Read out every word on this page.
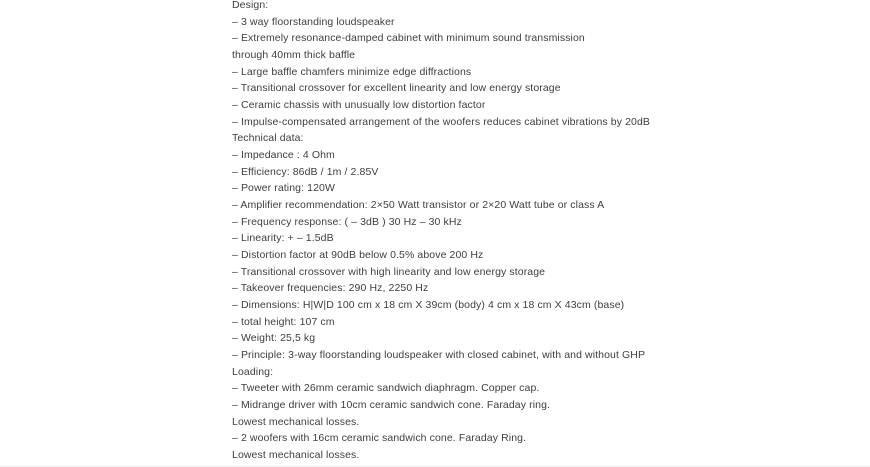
Design:
– 3 way floorstanding loudspeaker
– Extremely resonance-damped cabinet with minimum sound transmission
through 40mm thick baffle
– Large baffle chamfers minimize edge diffractions
– Transitional crossover for excellent linearity and low energy storage
– Ceramic chassis with unusually low distortion factor
– Impulse-compensated arrangement of the woofers reduces cabinet vibrations by 20dB
Technical data:
– Impedance : 4 Ohm
– Efficiency: 86dB / 1m / 2.85V
– Power rating: 120W
– Amplifier recommendation: 2×50 Watt transistor or 2×20 Watt tube or class A
– Frequency response: ( – 3dB ) 30 Hz – 30 kHz
– Linearity: + – 1.5dB
– Distortion factor at 90dB below 0.5% above 200 Hz
– Transitional crossover with high linearity and low energy storage
– Takeover frequencies: 290 Hz, 2250 Hz
– Dimensions: H|W|D 100 cm x 18 cm X 39cm (body) 4 cm x 18 cm X 43cm (base)
– total height: 107 cm
– Weight: 25,5 kg
– Principle: 3-way floorstanding loudspeaker with closed cabinet, with and without GHP
Loading:
– Tweeter with 26mm ceramic sandwich diaphragm. Copper cap.
– Midrange driver with 10cm ceramic sandwich cone. Faraday ring.
Lowest mechanical losses.
– 2 woofers with 16cm ceramic sandwich cone. Faraday Ring.
Lowest mechanical losses.
